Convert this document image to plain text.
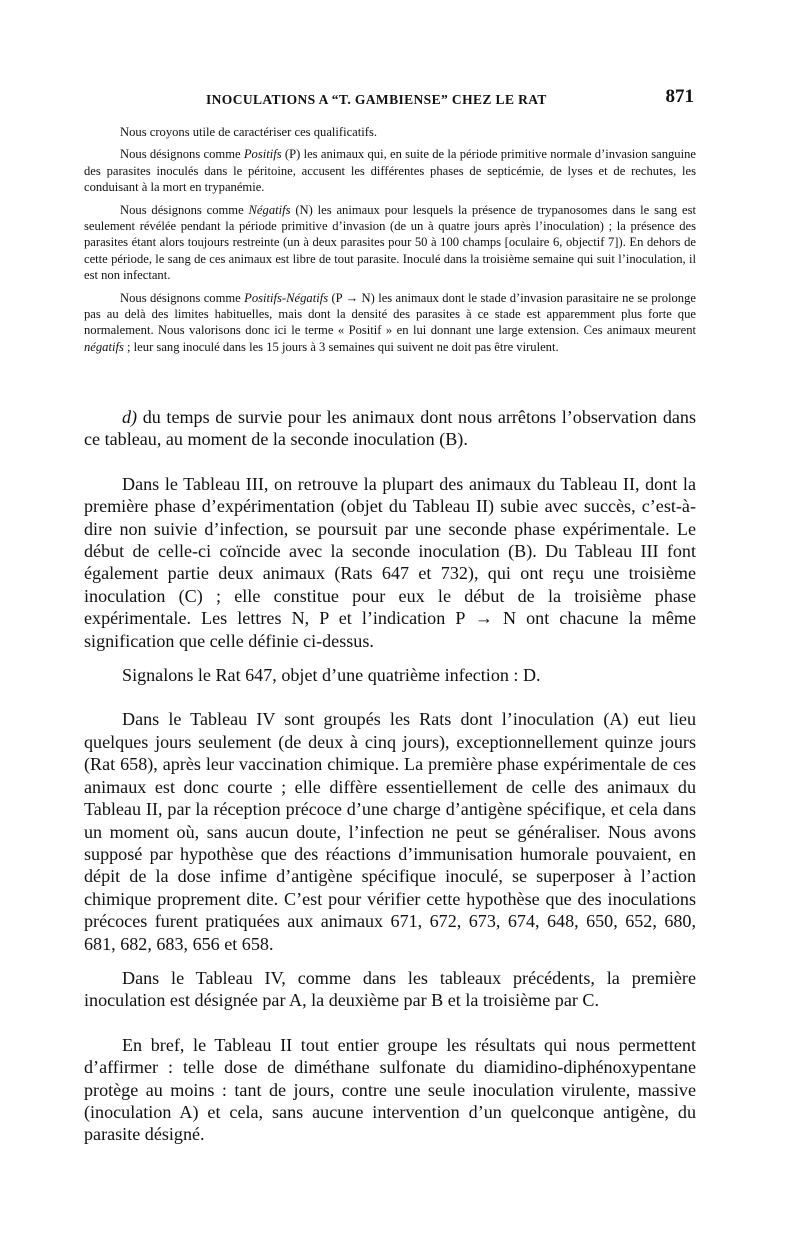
INOCULATIONS A “T. GAMBIENSE” CHEZ LE RAT	871

Nous croyons utile de caractériser ces qualificatifs.

Nous désignons comme Positifs (P) les animaux qui, en suite de la période primitive normale d’invasion sanguine des parasites inoculés dans le péritoine, accusent les différentes phases de septicémie, de lyses et de rechutes, les conduisant à la mort en trypanémie.

Nous désignons comme Négatifs (N) les animaux pour lesquels la présence de trypanosomes dans le sang est seulement révélée pendant la période primitive d’invasion (de un à quatre jours après l’inoculation) ; la présence des parasites étant alors toujours restreinte (un à deux parasites pour 50 à 100 champs [oculaire 6, objectif 7]). En dehors de cette période, le sang de ces animaux est libre de tout parasite. Inoculé dans la troisième semaine qui suit l’inoculation, il est non infectant.

Nous désignons comme Positifs-Négatifs (P → N) les animaux dont le stade d’invasion parasitaire ne se prolonge pas au delà des limites habituelles, mais dont la densité des parasites à ce stade est apparemment plus forte que normalement. Nous valorisons donc ici le terme « Positif » en lui donnant une large extension. Ces animaux meurent négatifs ; leur sang inoculé dans les 15 jours à 3 semaines qui suivent ne doit pas être virulent.

d) du temps de survie pour les animaux dont nous arrêtons l’observation dans ce tableau, au moment de la seconde inoculation (B).

Dans le Tableau III, on retrouve la plupart des animaux du Tableau II, dont la première phase d’expérimentation (objet du Tableau II) subie avec succès, c’est-à-dire non suivie d’infection, se poursuit par une seconde phase expérimentale. Le début de celle-ci coïncide avec la seconde inoculation (B). Du Tableau III font également partie deux animaux (Rats 647 et 732), qui ont reçu une troisième inoculation (C) ; elle constitue pour eux le début de la troisième phase expérimentale. Les lettres N, P et l’indication P → N ont chacune la même signification que celle définie ci-dessus.

Signalons le Rat 647, objet d’une quatrième infection : D.

Dans le Tableau IV sont groupés les Rats dont l’inoculation (A) eut lieu quelques jours seulement (de deux à cinq jours), exceptionnellement quinze jours (Rat 658), après leur vaccination chimique. La première phase expérimentale de ces animaux est donc courte ; elle diffère essentiellement de celle des animaux du Tableau II, par la réception précoce d’une charge d’antigène spécifique, et cela dans un moment où, sans aucun doute, l’infection ne peut se généraliser. Nous avons supposé par hypothèse que des réactions d’immunisation humorale pouvaient, en dépit de la dose infime d’antigène spécifique inoculé, se superposer à l’action chimique proprement dite. C’est pour vérifier cette hypothèse que des inoculations précoces furent pratiquées aux animaux 671, 672, 673, 674, 648, 650, 652, 680, 681, 682, 683, 656 et 658.

Dans le Tableau IV, comme dans les tableaux précédents, la première inoculation est désignée par A, la deuxième par B et la troisième par C.

En bref, le Tableau II tout entier groupe les résultats qui nous permettent d’affirmer : telle dose de diméthane sulfonate du diamidino-diphénoxypentane protège au moins : tant de jours, contre une seule inoculation virulente, massive (inoculation A) et cela, sans aucune intervention d’un quelconque antigène, du parasite désigné.
